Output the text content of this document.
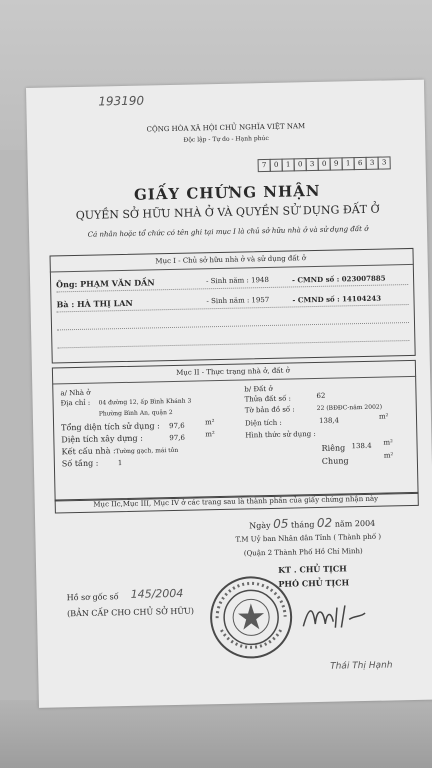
193190
CỘNG HÒA XÃ HỘI CHỦ NGHĨA VIỆT NAM
Độc lập - Tự do - Hạnh phúc
7	0	1	0	3	0	9	1	6	3	3
GIẤY CHỨNG NHẬN
QUYỀN SỞ HỮU NHÀ Ở VÀ QUYỀN SỬ DỤNG ĐẤT Ở
Cá nhân hoặc tổ chức có tên ghi tại mục I là chủ sở hữu nhà ở và sử dụng đất ở
Mục I - Chủ sở hữu nhà ở và sử dụng đất ở
Ông: PHẠM VĂN DẦN	- Sinh năm : 1948	- CMND số : 023007885
Bà : HÀ THỊ LAN	- Sinh năm : 1957	- CMND số : 14104243
Mục II - Thực trạng nhà ở, đất ở
a/ Nhà ở
Địa chỉ : 04 đường 12, ấp Bình Khánh 3
Phường Bình An, quận 2
Tổng diện tích sử dụng : 97,6	m²
Diện tích xây dựng :	97,6	m²
Kết cấu nhà : Tường gạch, mái tôn
Số tầng :	1
b/ Đất ở
Thửa đất số :	62
Tờ bản đồ số :	22 (BĐĐC-năm 2002)
Diện tích :	138,4	m²
Hình thức sử dụng :
Riêng 138.4 m²
Chung
m²
Mục IIc,Mục III, Mục IV ở các trang sau là thành phần của giấy chứng nhận này
Ngày 05 tháng 02 năm 2004
T.M Uỷ ban Nhân dân Tỉnh ( Thành phố )
(Quận 2 Thành Phố Hồ Chí Minh)
KT . CHỦ TỊCH
PHÓ CHỦ TỊCH
Thái Thị Hạnh
Hồ sơ gốc số 145/2004
(BẢN CẤP CHO CHỦ SỞ HỮU)
